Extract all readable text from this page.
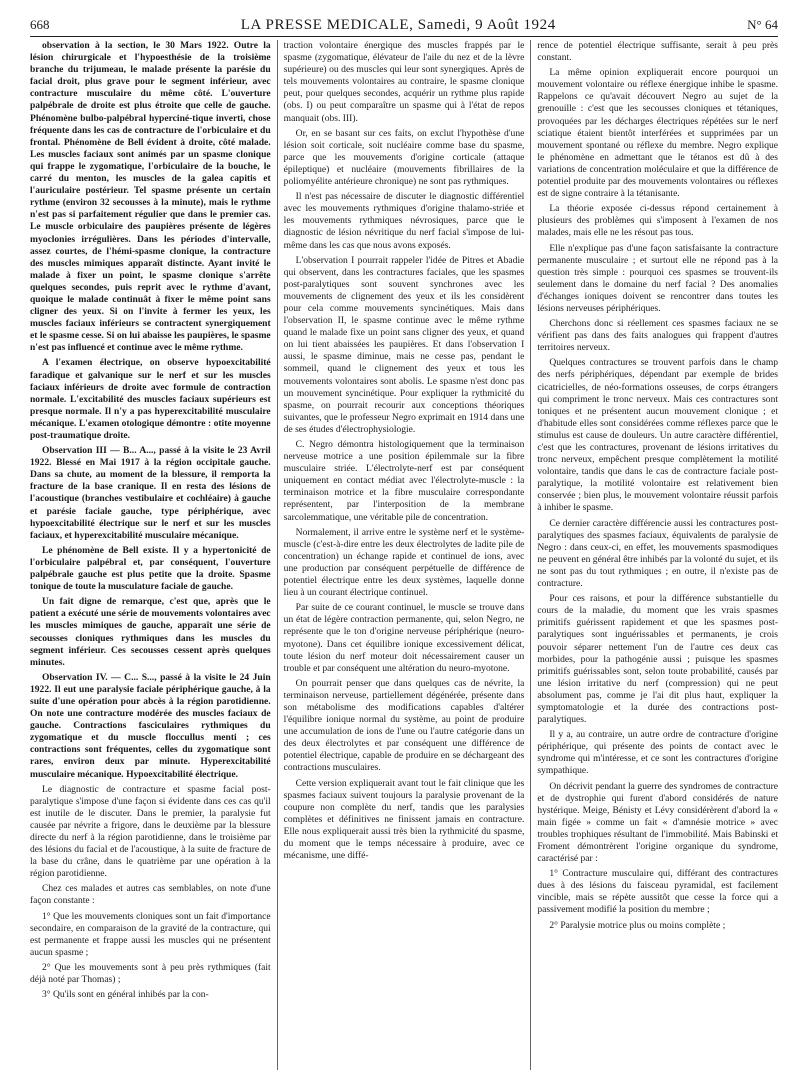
668	LA PRESSE MEDICALE, Samedi, 9 Août 1924	N° 64

observation à la section, le 30 Mars 1922. Outre la lésion chirurgicale et l'hypoesthésie de la troisième branche du trijumeau, le malade présente la parésie du facial droit, plus grave pour le segment inférieur, avec contracture musculaire du même côté. L'ouverture palpébrale de droite est plus étroite que celle de gauche. Phénomène bulbo-palpébral hyperciné-tique inverti, chose fréquente dans les cas de contracture de l'orbiculaire et du frontal. Phénomène de Bell évident à droite, côté malade. Les muscles faciaux sont animés par un spasme clonique qui frappe le zygomatique, l'orbiculaire de la bouche, le carré du menton, les muscles de la galea capitis et l'auriculaire postérieur. Tel spasme présente un certain rythme (environ 32 secousses à la minute), mais le rythme n'est pas si parfaitement régulier que dans le premier cas. Le muscle orbiculaire des paupières présente de légères myoclonies irrégulières. Dans les périodes d'intervalle, assez courtes, de l'hémi-spasme clonique, la contracture des muscles mimiques apparaît distincte. Ayant invité le malade à fixer un point, le spasme clonique s'arrête quelques secondes, puis reprit avec le rythme d'avant, quoique le malade continuât à fixer le même point sans cligner des yeux. Si on l'invite à fermer les yeux, les muscles faciaux inférieurs se contractent synergiquement et le spasme cesse. Si on lui abaisse les paupières, le spasme n'est pas influencé et continue avec le même rythme.

A l'examen électrique, on observe hypoexcitabilité faradique et galvanique sur le nerf et sur les muscles faciaux inférieurs de droite avec formule de contraction normale. L'excitabilité des muscles faciaux supérieurs est presque normale. Il n'y a pas hyperexcitabilité musculaire mécanique. L'examen otologique démontre : otite moyenne post-traumatique droite.

Observation III — B... A..., passé à la visite le 23 Avril 1922. Blessé en Mai 1917 à la région occipitale gauche. Dans sa chute, au moment de la blessure, il remporta la fracture de la base cranique. Il en resta des lésions de l'acoustique (branches vestibulaire et cochléaire) à gauche et parésie faciale gauche, type périphérique, avec hypoexcitabilité électrique sur le nerf et sur les muscles faciaux, et hyperexcitabilité musculaire mécanique.

Le phénomène de Bell existe. Il y a hypertonicité de l'orbiculaire palpébral et, par conséquent, l'ouverture palpébrale gauche est plus petite que la droite. Spasme tonique de toute la musculature faciale de gauche.

Un fait digne de remarque, c'est que, après que le patient a exécuté une série de mouvements volontaires avec les muscles mimiques de gauche, apparaît une série de secousses cloniques rythmiques dans les muscles du segment inférieur. Ces secousses cessent après quelques minutes.

Observation IV. — C... S..., passé à la visite le 24 Juin 1922. Il eut une paralysie faciale périphérique gauche, à la suite d'une opération pour abcès à la région parotidienne. On note une contracture modérée des muscles faciaux de gauche. Contractions fasciculaires rythmiques du zygomatique et du muscle floccullus menti ; ces contractions sont fréquentes, celles du zygomatique sont rares, environ deux par minute. Hyperexcitabilité musculaire mécanique. Hypoexcitabilité électrique.

Le diagnostic de contracture et spasme facial post-paralytique s'impose d'une façon si évidente dans ces cas qu'il est inutile de le discuter. Dans le premier, la paralysie fut causée par névrite a frigore, dans le deuxième par la blessure directe du nerf à la région parotidienne, dans le troisième par des lésions du facial et de l'acoustique, à la suite de fracture de la base du crâne, dans le quatrième par une opération à la région parotidienne.

Chez ces malades et autres cas semblables, on note d'une façon constante :

1° Que les mouvements cloniques sont un fait d'importance secondaire, en comparaison de la gravité de la contracture, qui est permanente et frappe aussi les muscles qui ne présentent aucun spasme ;

2° Que les mouvements sont à peu près rythmiques (fait déjà noté par Thomas) ;

3° Qu'ils sont en général inhibés par la con-

traction volontaire énergique des muscles frappés par le spasme (zygomatique, élévateur de l'aile du nez et de la lèvre supérieure) ou des muscles qui leur sont synergiques. Après de tels mouvements volontaires au contraire, le spasme clonique peut, pour quelques secondes, acquérir un rythme plus rapide (obs. I) ou peut comparaître un spasme qui à l'état de repos manquait (obs. III).

Or, en se basant sur ces faits, on exclut l'hypothèse d'une lésion soit corticale, soit nucléaire comme base du spasme, parce que les mouvements d'origine corticale (attaque épileptique) et nucléaire (mouvements fibrillaires de la poliomyélite antérieure chronique) ne sont pas rythmiques.

Il n'est pas nécessaire de discuter le diagnostic différentiel avec les mouvements rythmiques d'origine thalamo-striée et les mouvements rythmiques névrosiques, parce que le diagnostic de lésion névritique du nerf facial s'impose de lui-même dans les cas que nous avons exposés.

L'observation I pourrait rappeler l'idée de Pitres et Abadie qui observent, dans les contractures faciales, que les spasmes post-paralytiques sont souvent synchrones avec les mouvements de clignement des yeux et ils les considèrent pour cela comme mouvements syncinétiques. Mais dans l'observation II, le spasme continue avec le même rythme quand le malade fixe un point sans cligner des yeux, et quand on lui tient abaissées les paupières. Et dans l'observation I aussi, le spasme diminue, mais ne cesse pas, pendant le sommeil, quand le clignement des yeux et tous les mouvements volontaires sont abolis. Le spasme n'est donc pas un mouvement syncinétique. Pour expliquer la rythmicité du spasme, on pourrait recourir aux conceptions théoriques suivantes, que le professeur Negro exprimait en 1914 dans une de ses études d'électrophysiologie.

C. Negro démontra histologiquement que la terminaison nerveuse motrice a une position épilemmale sur la fibre musculaire striée. L'électrolyte-nerf est par conséquent uniquement en contact médiat avec l'électrolyte-muscle : la terminaison motrice et la fibre musculaire correspondante représentent, par l'interposition de la membrane sarcolemmatique, une véritable pile de concentration.

Normalement, il arrive entre le système nerf et le système-muscle (c'est-à-dire entre les deux électrolytes de ladite pile de concentration) un échange rapide et continuel de ions, avec une production par conséquent perpétuelle de différence de potentiel électrique entre les deux systèmes, laquelle donne lieu à un courant électrique continuel.

Par suite de ce courant continuel, le muscle se trouve dans un état de légère contraction permanente, qui, selon Negro, ne représente que le ton d'origine nerveuse périphérique (neuro-myotone). Dans cet équilibre ionique excessivement délicat, toute lésion du nerf moteur doit nécessairement causer un trouble et par conséquent une altération du neuro-myotone.

On pourrait penser que dans quelques cas de névrite, la terminaison nerveuse, partiellement dégénérée, présente dans son métabolisme des modifications capables d'altérer l'équilibre ionique normal du système, au point de produire une accumulation de ions de l'une ou l'autre catégorie dans un des deux électrolytes et par conséquent une différence de potentiel électrique, capable de produire en se déchargeant des contractions musculaires.

Cette version expliquerait avant tout le fait clinique que les spasmes faciaux suivent toujours la paralysie provenant de la coupure non complète du nerf, tandis que les paralysies complètes et définitives ne finissent jamais en contracture. Elle nous expliquerait aussi très bien la rythmicité du spasme, du moment que le temps nécessaire à produire, avec ce mécanisme, une diffé-

rence de potentiel électrique suffisante, serait à peu près constant.

La même opinion expliquerait encore pourquoi un mouvement volontaire ou réflexe énergique inhibe le spasme. Rappelons ce qu'avait découvert Negro au sujet de la grenouille : c'est que les secousses cloniques et tétaniques, provoquées par les décharges électriques répétées sur le nerf sciatique étaient bientôt interférées et supprimées par un mouvement spontané ou réflexe du membre. Negro explique le phénomène en admettant que le tétanos est dû à des variations de concentration moléculaire et que la différence de potentiel produite par des mouvements volontaires ou réflexes est de signe contraire à la tétanisante.

La théorie exposée ci-dessus répond certainement à plusieurs des problèmes qui s'imposent à l'examen de nos malades, mais elle ne les résout pas tous.

Elle n'explique pas d'une façon satisfaisante la contracture permanente musculaire ; et surtout elle ne répond pas à la question très simple : pourquoi ces spasmes se trouvent-ils seulement dans le domaine du nerf facial ? Des anomalies d'échanges ioniques doivent se rencontrer dans toutes les lésions nerveuses périphériques.

Cherchons donc si réellement ces spasmes faciaux ne se vérifient pas dans des faits analogues qui frappent d'autres territoires nerveux.

Quelques contractures se trouvent parfois dans le champ des nerfs périphériques, dépendant par exemple de brides cicatricielles, de néo-formations osseuses, de corps étrangers qui compriment le tronc nerveux. Mais ces contractures sont toniques et ne présentent aucun mouvement clonique ; et d'habitude elles sont considérées comme réflexes parce que le stimulus est cause de douleurs. Un autre caractère différentiel, c'est que les contractures, provenant de lésions irritatives du tronc nerveux, empêchent presque complètement la motilité volontaire, tandis que dans le cas de contracture faciale post-paralytique, la motilité volontaire est relativement bien conservée ; bien plus, le mouvement volontaire réussit parfois à inhiber le spasme.

Ce dernier caractère différencie aussi les contractures post-paralytiques des spasmes faciaux, équivalents de paralysie de Negro : dans ceux-ci, en effet, les mouvements spasmodiques ne peuvent en général être inhibés par la volonté du sujet, et ils ne sont pas du tout rythmiques ; en outre, il n'existe pas de contracture.

Pour ces raisons, et pour la différence substantielle du cours de la maladie, du moment que les vrais spasmes primitifs guérissent rapidement et que les spasmes post-paralytiques sont inguérissables et permanents, je crois pouvoir séparer nettement l'un de l'autre ces deux cas morbides, pour la pathogénie aussi ; puisque les spasmes primitifs guérissables sont, selon toute probabilité, causés par une lésion irritative du nerf (compression) qui ne peut absolument pas, comme je l'ai dit plus haut, expliquer la symptomatologie et la durée des contractions post-paralytiques.

Il y a, au contraire, un autre ordre de contracture d'origine périphérique, qui présente des points de contact avec le syndrome qui m'intéresse, et ce sont les contractures d'origine sympathique.

On décrivit pendant la guerre des syndromes de contracture et de dystrophie qui furent d'abord considérés de nature hystérique. Meige, Bénisty et Lévy considérèrent d'abord la « main figée » comme un fait « d'amnésie motrice » avec troubles trophiques résultant de l'immobilité. Mais Babinski et Froment démontrèrent l'origine organique du syndrome, caractérisé par :

1° Contracture musculaire qui, différant des contractures dues à des lésions du faisceau pyramidal, est facilement vincible, mais se répète aussitôt que cesse la force qui a passivement modifié la position du membre ;

2° Paralysie motrice plus ou moins complète ;
